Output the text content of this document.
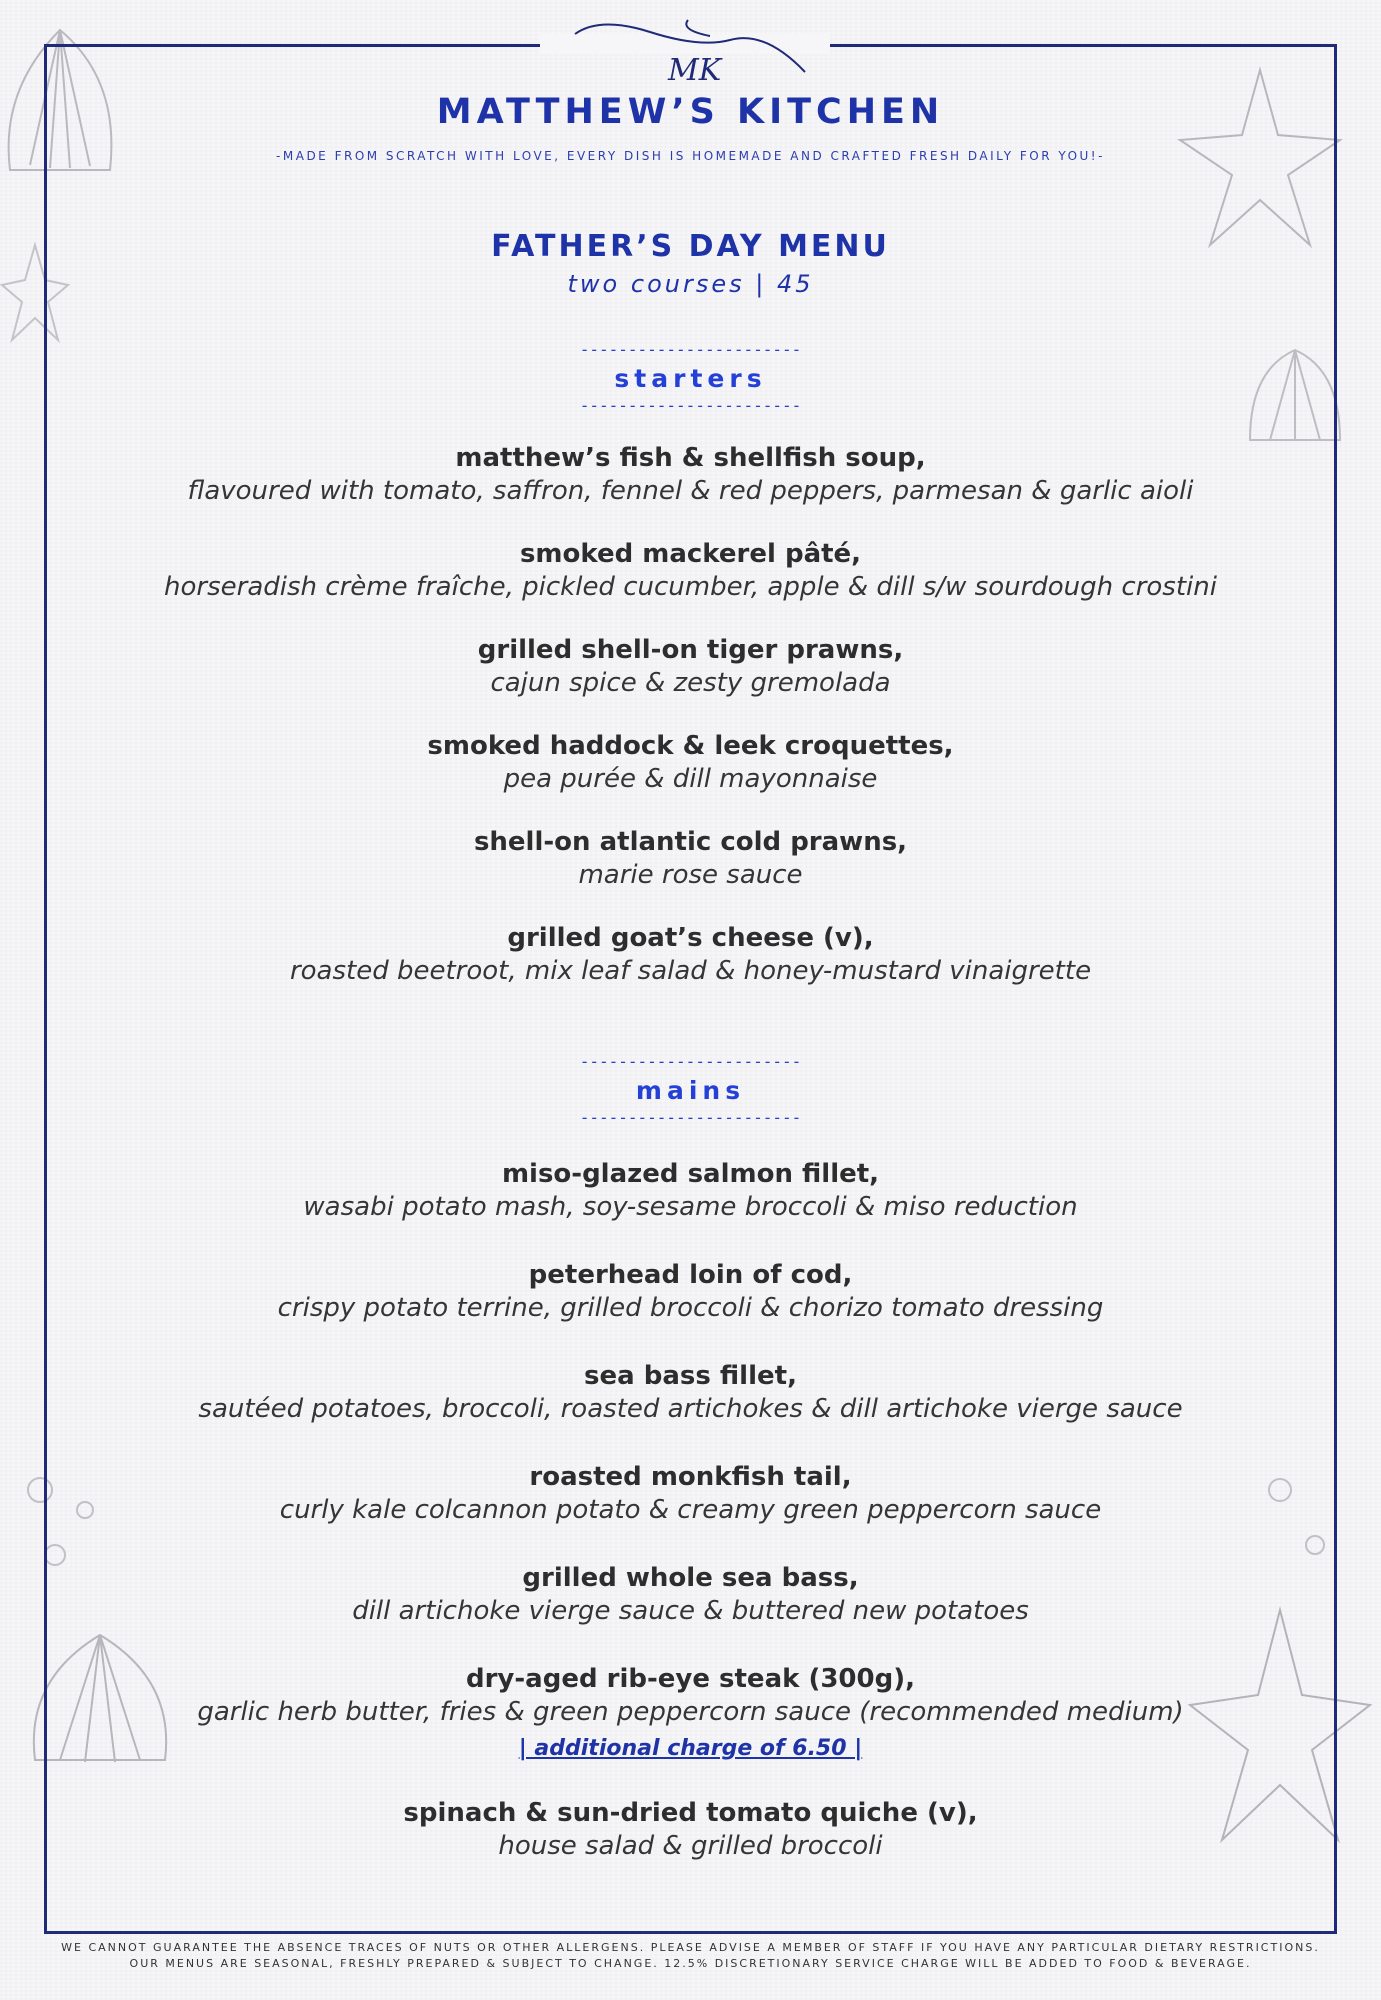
MK
MATTHEW’S KITCHEN
-MADE FROM SCRATCH WITH LOVE, EVERY DISH IS HOMEMADE AND CRAFTED FRESH DAILY FOR YOU!-
FATHER’S DAY MENU
two courses | 45
-----------------------
starters
-----------------------
matthew’s fish & shellfish soup,
flavoured with tomato, saffron, fennel & red peppers, parmesan & garlic aioli
smoked mackerel pâté,
horseradish crème fraîche, pickled cucumber, apple & dill s/w sourdough crostini
grilled shell-on tiger prawns,
cajun spice & zesty gremolada
smoked haddock & leek croquettes,
pea purée & dill mayonnaise
shell-on atlantic cold prawns,
marie rose sauce
grilled goat’s cheese (v),
roasted beetroot, mix leaf salad & honey-mustard vinaigrette
-----------------------
mains
-----------------------
miso-glazed salmon fillet,
wasabi potato mash, soy-sesame broccoli & miso reduction
peterhead loin of cod,
crispy potato terrine, grilled broccoli & chorizo tomato dressing
sea bass fillet,
sautéed potatoes, broccoli, roasted artichokes & dill artichoke vierge sauce
roasted monkfish tail,
curly kale colcannon potato & creamy green peppercorn sauce
grilled whole sea bass,
dill artichoke vierge sauce & buttered new potatoes
dry-aged rib-eye steak (300g),
garlic herb butter, fries & green peppercorn sauce (recommended medium)
| additional charge of 6.50 |
spinach & sun-dried tomato quiche (v),
house salad & grilled broccoli
WE CANNOT GUARANTEE THE ABSENCE TRACES OF NUTS OR OTHER ALLERGENS. PLEASE ADVISE A MEMBER OF STAFF IF YOU HAVE ANY PARTICULAR DIETARY RESTRICTIONS.
OUR MENUS ARE SEASONAL, FRESHLY PREPARED & SUBJECT TO CHANGE. 12.5% DISCRETIONARY SERVICE CHARGE WILL BE ADDED TO FOOD & BEVERAGE.
